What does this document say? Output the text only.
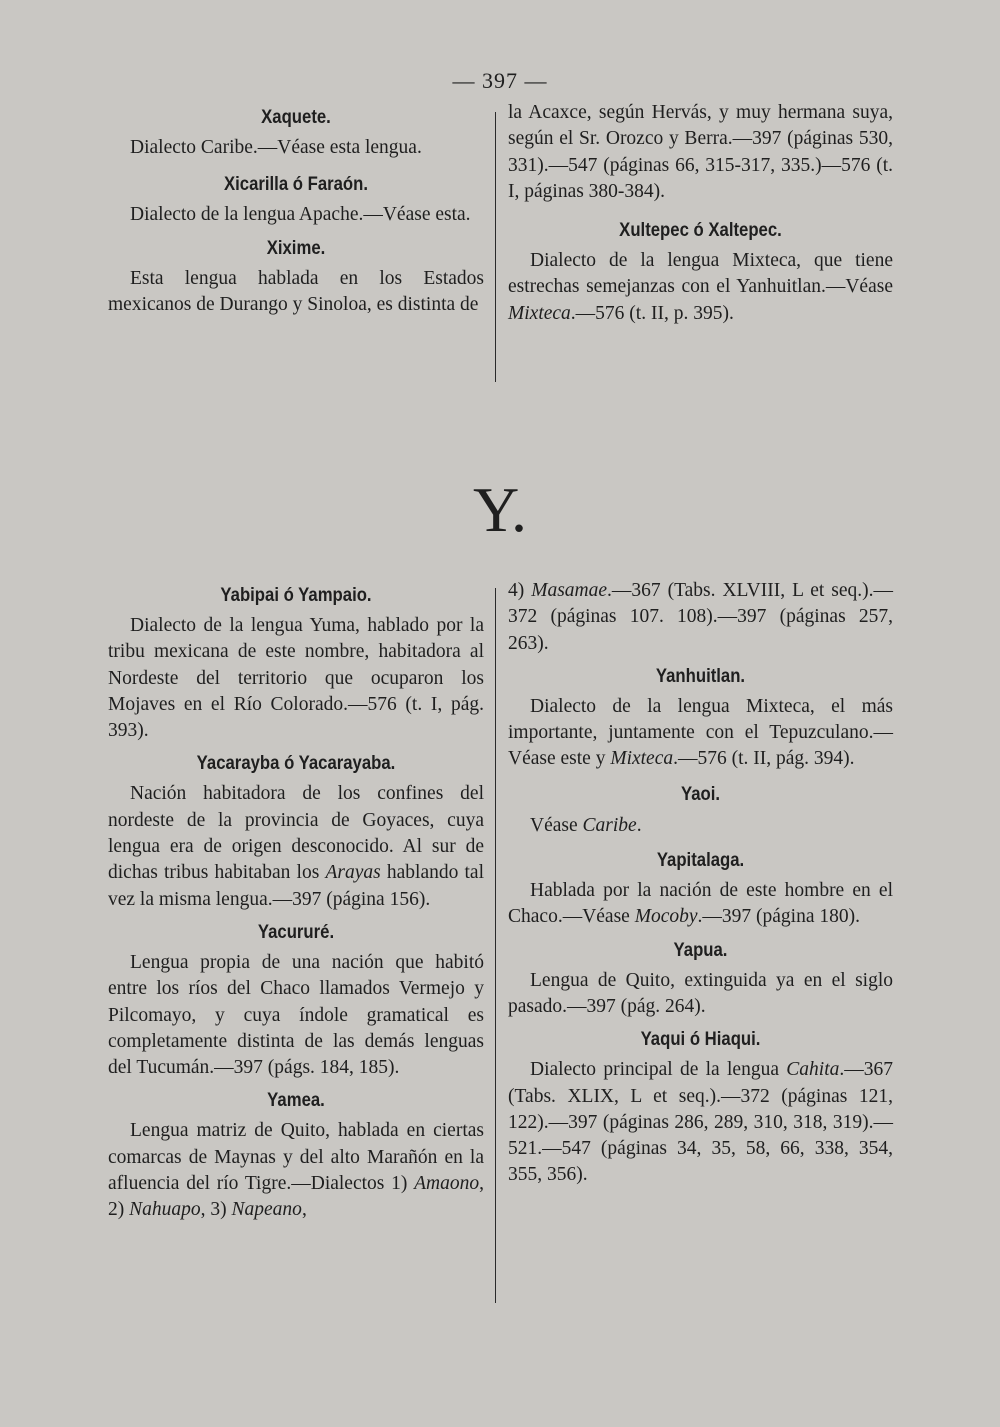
— 397 —
Xaquete.

Dialecto Caribe.—Véase esta lengua.

Xicarilla ó Faraón.

Dialecto de la lengua Apache.—Véase esta.

Xixime.

Esta lengua hablada en los Estados mexicanos de Durango y Sinoloa, es distinta de

la Acaxce, según Hervás, y muy hermana suya, según el Sr. Orozco y Berra.—397 (páginas 530, 331).—547 (páginas 66, 315-317, 335.)—576 (t. I, páginas 380-384).

Xultepec ó Xaltepec.

Dialecto de la lengua Mixteca, que tiene estrechas semejanzas con el Yanhuitlan.—Véase Mixteca.—576 (t. II, p. 395).

Y.
Yabipai ó Yampaio.

Dialecto de la lengua Yuma, hablado por la tribu mexicana de este nombre, habitadora al Nordeste del territorio que ocuparon los Mojaves en el Río Colorado.—576 (t. I, pág. 393).

Yacarayba ó Yacarayaba.

Nación habitadora de los confines del nordeste de la provincia de Goyaces, cuya lengua era de origen desconocido. Al sur de dichas tribus habitaban los Arayas hablando tal vez la misma lengua.—397 (página 156).

Yacururé.

Lengua propia de una nación que habitó entre los ríos del Chaco llamados Vermejo y Pilcomayo, y cuya índole gramatical es completamente distinta de las demás lenguas del Tucumán.—397 (págs. 184, 185).

Yamea.

Lengua matriz de Quito, hablada en ciertas comarcas de Maynas y del alto Marañón en la afluencia del río Tigre.—Dialectos 1) Amaono, 2) Nahuapo, 3) Napeano,

4) Masamae.—367 (Tabs. XLVIII, L et seq.).—372 (páginas 107. 108).—397 (páginas 257, 263).

Yanhuitlan.

Dialecto de la lengua Mixteca, el más importante, juntamente con el Tepuzculano.—Véase este y Mixteca.—576 (t. II, pág. 394).

Yaoi.

Véase Caribe.

Yapitalaga.

Hablada por la nación de este hombre en el Chaco.—Véase Mocoby.—397 (página 180).

Yapua.

Lengua de Quito, extinguida ya en el siglo pasado.—397 (pág. 264).

Yaqui ó Hiaqui.

Dialecto principal de la lengua Cahita.—367 (Tabs. XLIX, L et seq.).—372 (páginas 121, 122).—397 (páginas 286, 289, 310, 318, 319).—521.—547 (páginas 34, 35, 58, 66, 338, 354, 355, 356).
